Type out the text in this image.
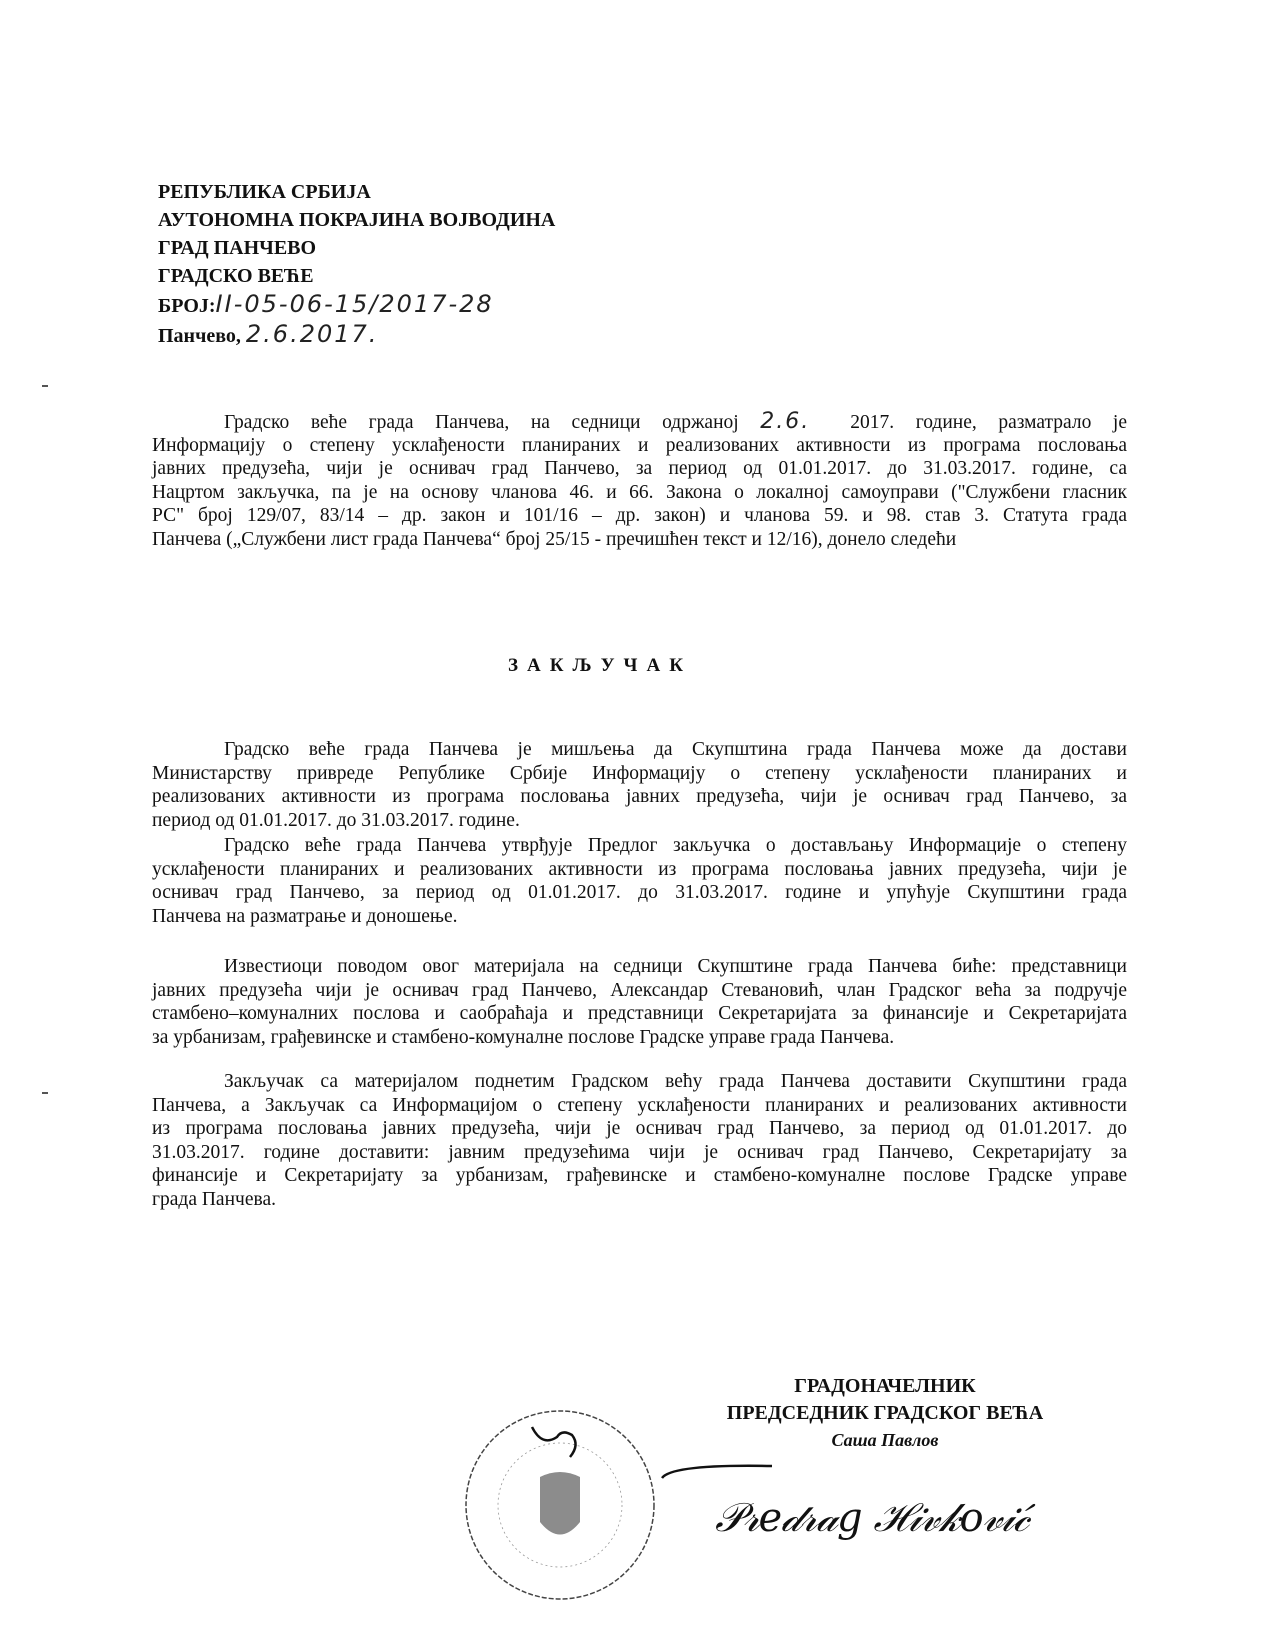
РЕПУБЛИКА СРБИЈА
АУТОНОМНА ПОКРАЈИНА ВОЈВОДИНА
ГРАД ПАНЧЕВО
ГРАДСКО ВЕЋЕ
БРОЈ:II-05-06-15/2017-28
Панчево, 2.6.2017.
Градско веће града Панчева, на седници одржаној 2.6. 2017. године, разматрало је
Информацију о степену усклађености планираних и реализованих активности из програма пословања
јавних предузећа, чији је оснивач град Панчево, за период од 01.01.2017. до 31.03.2017. године, са
Нацртом закључка, па је на основу чланова 46. и 66. Закона о локалној самоуправи ("Службени гласник
РС" број 129/07, 83/14 – др. закон и 101/16 – др. закон) и чланова 59. и 98. став 3. Статута града
Панчева („Службени лист града Панчева“ број 25/15 - пречишћен текст и 12/16), донело следећи
ЗАКЉУЧАК
Градско веће града Панчева је мишљења да Скупштина града Панчева може да достави
Министарству привреде Републике Србије Информацију о степену усклађености планираних и
реализованих активности из програма пословања јавних предузећа, чији је оснивач град Панчево, за
период од 01.01.2017. до 31.03.2017. године.
Градско веће града Панчева утврђује Предлог закључка о достављању Информације о степену
усклађености планираних и реализованих активности из програма пословања јавних предузећа, чији је
оснивач град Панчево, за период од 01.01.2017. до 31.03.2017. године и упућује Скупштини града
Панчева на разматрање и доношење.
Известиоци поводом овог материјала на седници Скупштине града Панчева биће: представници
јавних предузећа чији је оснивач град Панчево, Александар Стевановић, члан Градског већа за подручје
стамбено–комуналних послова и саобраћаја и представници Секретаријата за финансије и Секретаријата
за урбанизам, грађевинске и стамбено-комуналне послове Градске управе града Панчева.
Закључак са материјалом поднетим Градском већу града Панчева доставити Скупштини града
Панчева, а Закључак са Информацијом о степену усклађености планираних и реализованих активности
из програма пословања јавних предузећа, чији је оснивач град Панчево, за период од 01.01.2017. до
31.03.2017. године доставити: јавним предузећима чији је оснивач град Панчево, Секретаријату за
финансије и Секретаријату за урбанизам, грађевинске и стамбено-комуналне послове Градске управе
града Панчева.
ГРАДОНАЧЕЛНИК
ПРЕДСЕДНИК ГРАДСКОГ ВЕЋА
Саша Павлов
𝒫𝓇𝑒𝒹𝓇𝒶𝑔 ℋ𝒾𝓋𝓀𝑜𝓋𝒾𝒸́
